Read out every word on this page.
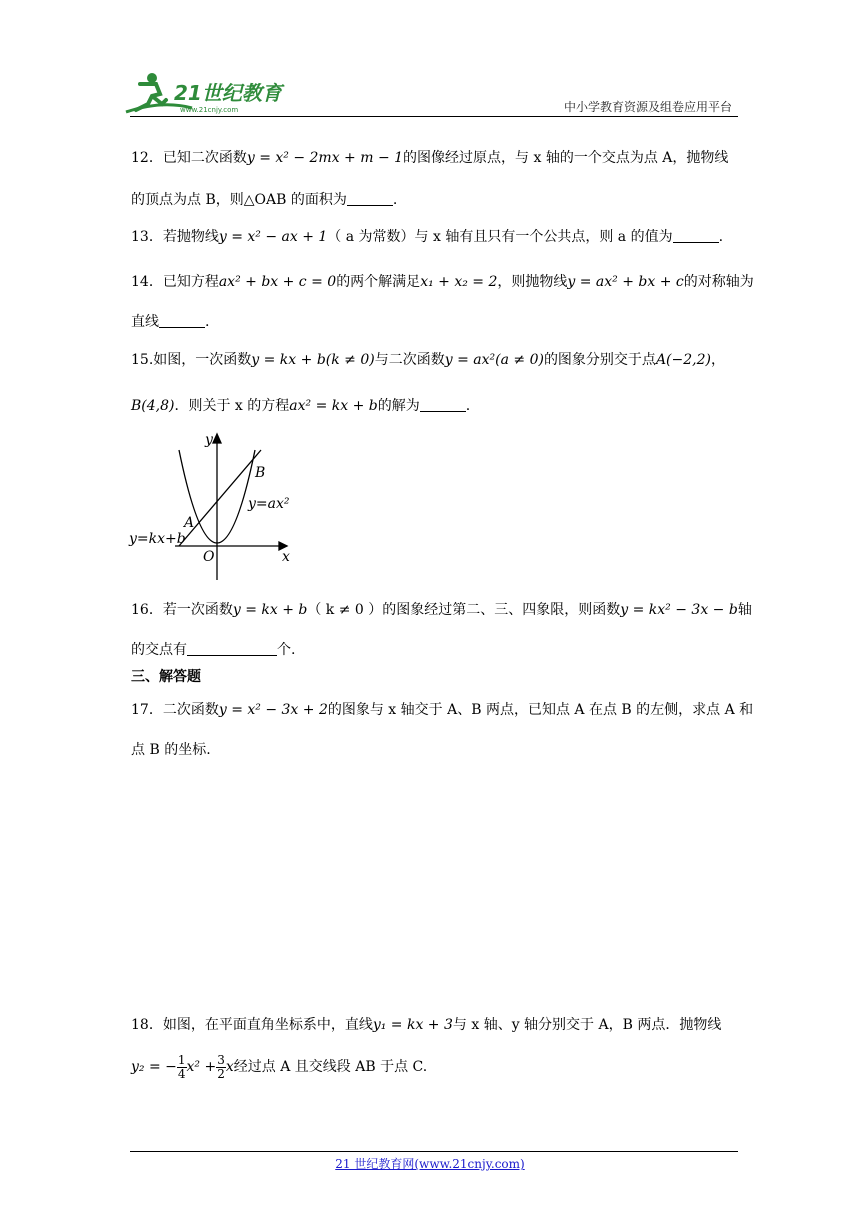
21世纪教育
www.21cnjy.com	中小学教育资源及组卷应用平台
12．已知二次函数y = x² − 2mx + m − 1的图像经过原点，与 x 轴的一个交点为点 A，抛物线
的顶点为点 B，则△OAB 的面积为	.
13．若抛物线y = x² − ax + 1（ a 为常数）与 x 轴有且只有一个公共点，则 a 的值为	.
14．已知方程ax² + bx + c = 0的两个解满足x₁ + x₂ = 2，则抛物线y = ax² + bx + c的对称轴为
直线	.
15.如图，一次函数y = kx + b(k ≠ 0)与二次函数y = ax²(a ≠ 0)的图象分别交于点A(−2,2)，
B(4,8)．则关于 x 的方程ax² = kx + b的解为	.
y
x
O
A
B
y=ax²
y=kx+b
16．若一次函数y = kx + b（ k ≠ 0 ）的图象经过第二、三、四象限，则函数y = kx² − 3x − b轴
的交点有	个.
三、解答题
17．二次函数y = x² − 3x + 2的图象与 x 轴交于 A、B 两点，已知点 A 在点 B 的左侧，求点 A 和
点 B 的坐标.
18．如图，在平面直角坐标系中，直线y₁ = kx + 3与 x 轴、y 轴分别交于 A，B 两点．抛物线
y₂ = − $\frac{1}{4} x^2 + \frac{3}{2}$ x经过点 A 且交线段 AB 于点 C.
21 世纪教育网(www.21cnjy.com)
